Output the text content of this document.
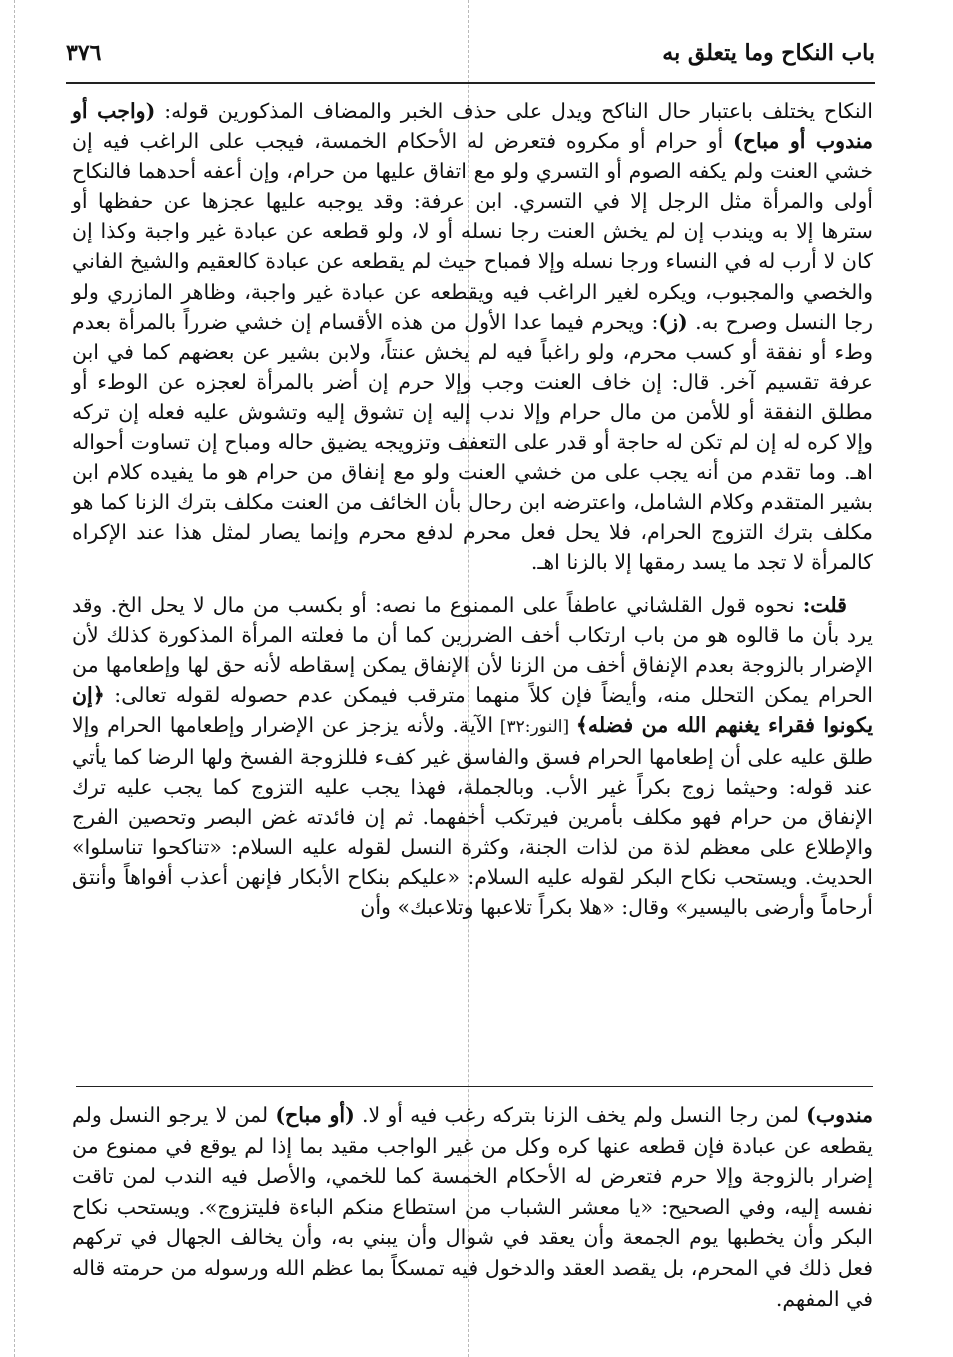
باب النكاح وما يتعلق به
٣٧٦

النكاح يختلف باعتبار حال الناكح ويدل على حذف الخبر والمضاف المذكورين قوله: (واجب أو مندوب أو مباح) أو حرام أو مكروه فتعرض له الأحكام الخمسة، فيجب على الراغب فيه إن خشي العنت ولم يكفه الصوم أو التسري ولو مع اتفاق عليها من حرام، وإن أعفه أحدهما فالنكاح أولى والمرأة مثل الرجل إلا في التسري. ابن عرفة: وقد يوجبه عليها عجزها عن حفظها أو سترها إلا به ويندب إن لم يخش العنت رجا نسله أو لا، ولو قطعه عن عبادة غير واجبة وكذا إن كان لا أرب له في النساء ورجا نسله وإلا فمباح حيث لم يقطعه عن عبادة كالعقيم والشيخ الفاني والخصي والمجبوب، ويكره لغير الراغب فيه ويقطعه عن عبادة غير واجبة، وظاهر المازري ولو رجا النسل وصرح به. (ز): ويحرم فيما عدا الأول من هذه الأقسام إن خشي ضرراً بالمرأة بعدم وطء أو نفقة أو كسب محرم، ولو راغباً فيه لم يخش عنتاً، ولابن بشير عن بعضهم كما في ابن عرفة تقسيم آخر. قال: إن خاف العنت وجب وإلا حرم إن أضر بالمرأة لعجزه عن الوطء أو مطلق النفقة أو للأمن من مال حرام وإلا ندب إليه إن تشوق إليه وتشوش عليه فعله إن تركه وإلا كره له إن لم تكن له حاجة أو قدر على التعفف وتزويجه يضيق حاله ومباح إن تساوت أحواله اهـ. وما تقدم من أنه يجب على من خشي العنت ولو مع إنفاق من حرام هو ما يفيده كلام ابن بشير المتقدم وكلام الشامل، واعترضه ابن رحال بأن الخائف من العنت مكلف بترك الزنا كما هو مكلف بترك التزوج الحرام، فلا يحل فعل محرم لدفع محرم وإنما يصار لمثل هذا عند الإكراه كالمرأة لا تجد ما يسد رمقها إلا بالزنا اهـ.

قلت: نحوه قول القلشاني عاطفاً على الممنوع ما نصه: أو بكسب من مال لا يحل الخ. وقد يرد بأن ما قالوه هو من باب ارتكاب أخف الضررين كما أن ما فعلته المرأة المذكورة كذلك لأن الإضرار بالزوجة بعدم الإنفاق أخف من الزنا لأن الإنفاق يمكن إسقاطه لأنه حق لها وإطعامها من الحرام يمكن التحلل منه، وأيضاً فإن كلاً منهما مترقب فيمكن عدم حصوله لقوله تعالى: ﴿إن يكونوا فقراء يغنهم الله من فضله﴾ [النور:٣٢] الآية. ولأنه يزجز عن الإضرار وإطعامها الحرام وإلا طلق عليه على أن إطعامها الحرام فسق والفاسق غير كفء فللزوجة الفسخ ولها الرضا كما يأتي عند قوله: وحيثما زوج بكراً غير الأب. وبالجملة، فهذا يجب عليه التزوج كما يجب عليه ترك الإنفاق من حرام فهو مكلف بأمرين فيرتكب أخفهما. ثم إن فائدته غض البصر وتحصين الفرج والإطلاع على معظم لذة من لذات الجنة، وكثرة النسل لقوله عليه السلام: «تناكحوا تناسلوا» الحديث. ويستحب نكاح البكر لقوله عليه السلام: «عليكم بنكاح الأبكار فإنهن أعذب أفواهاً وأنتق أرحاماً وأرضى باليسير» وقال: «هلا بكراً تلاعبها وتلاعبك» وأن

مندوب) لمن رجا النسل ولم يخف الزنا بتركه رغب فيه أو لا. (أو مباح) لمن لا يرجو النسل ولم يقطعه عن عبادة فإن قطعه عنها كره وكل من غير الواجب مقيد بما إذا لم يوقع في ممنوع من إضرار بالزوجة وإلا حرم فتعرض له الأحكام الخمسة كما للخمي، والأصل فيه الندب لمن تاقت نفسه إليه، وفي الصحيح: «يا معشر الشباب من استطاع منكم الباءة فليتزوج». ويستحب نكاح البكر وأن يخطبها يوم الجمعة وأن يعقد في شوال وأن يبني به، وأن يخالف الجهال في تركهم فعل ذلك في المحرم، بل يقصد العقد والدخول فيه تمسكاً بما عظم الله ورسوله من حرمته قاله في المفهم.
